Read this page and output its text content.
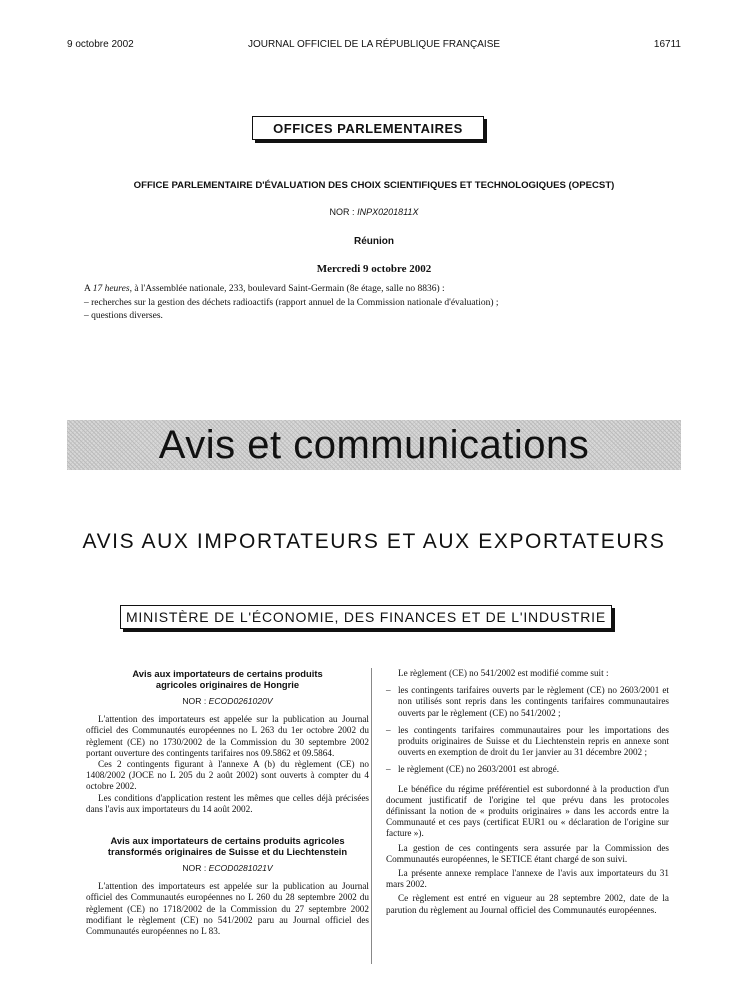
9 octobre 2002	JOURNAL OFFICIEL DE LA RÉPUBLIQUE FRANÇAISE	16711
OFFICES PARLEMENTAIRES
OFFICE PARLEMENTAIRE D'ÉVALUATION DES CHOIX SCIENTIFIQUES ET TECHNOLOGIQUES (OPECST)
NOR : INPX0201811X
Réunion
Mercredi 9 octobre 2002
A 17 heures, à l'Assemblée nationale, 233, boulevard Saint-Germain (8e étage, salle no 8836) :
– recherches sur la gestion des déchets radioactifs (rapport annuel de la Commission nationale d'évaluation) ;
– questions diverses.
Avis et communications
AVIS AUX IMPORTATEURS ET AUX EXPORTATEURS
MINISTÈRE DE L'ÉCONOMIE, DES FINANCES ET DE L'INDUSTRIE
Avis aux importateurs de certains produits
agricoles originaires de Hongrie
NOR : ECOD0261020V

L'attention des importateurs est appelée sur la publication au Journal officiel des Communautés européennes no L 263 du 1er octobre 2002 du règlement (CE) no 1730/2002 de la Commission du 30 septembre 2002 portant ouverture des contingents tarifaires nos 09.5862 et 09.5864.

Ces 2 contingents figurant à l'annexe A (b) du règlement (CE) no 1408/2002 (JOCE no L 205 du 2 août 2002) sont ouverts à compter du 4 octobre 2002.

Les conditions d'application restent les mêmes que celles déjà précisées dans l'avis aux importateurs du 14 août 2002.

Avis aux importateurs de certains produits agricoles
transformés originaires de Suisse et du Liechtenstein
NOR : ECOD0281021V

L'attention des importateurs est appelée sur la publication au Journal officiel des Communautés européennes no L 260 du 28 septembre 2002 du règlement (CE) no 1718/2002 de la Commission du 27 septembre 2002 modifiant le règlement (CE) no 541/2002 paru au Journal officiel des Communautés européennes no L 83.

Le règlement (CE) no 541/2002 est modifié comme suit :
– les contingents tarifaires ouverts par le règlement (CE) no 2603/2001 et non utilisés sont repris dans les contingents tarifaires communautaires ouverts par le règlement (CE) no 541/2002 ;
– les contingents tarifaires communautaires pour les importations des produits originaires de Suisse et du Liechtenstein repris en annexe sont ouverts en exemption de droit du 1er janvier au 31 décembre 2002 ;
– le règlement (CE) no 2603/2001 est abrogé.

Le bénéfice du régime préférentiel est subordonné à la production d'un document justificatif de l'origine tel que prévu dans les protocoles définissant la notion de « produits originaires » dans les accords entre la Communauté et ces pays (certificat EUR1 ou « déclaration de l'origine sur facture »).

La gestion de ces contingents sera assurée par la Commission des Communautés européennes, le SETICE étant chargé de son suivi.

La présente annexe remplace l'annexe de l'avis aux importateurs du 31 mars 2002.

Ce règlement est entré en vigueur au 28 septembre 2002, date de la parution du règlement au Journal officiel des Communautés européennes.
